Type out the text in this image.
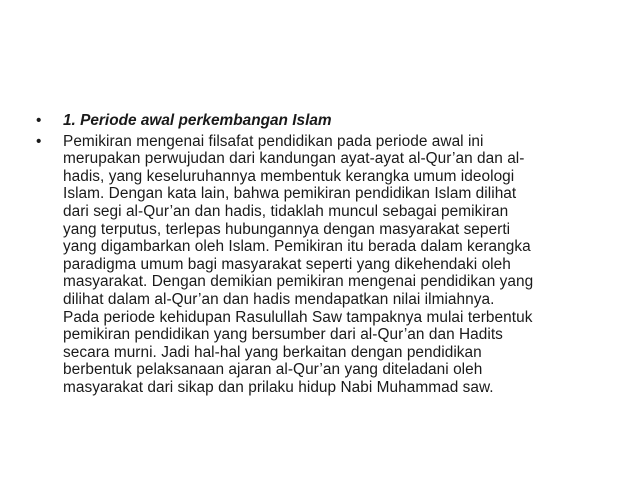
•	1. Periode awal perkembangan Islam
•	Pemikiran mengenai filsafat pendidikan pada periode awal ini
merupakan perwujudan dari kandungan ayat-ayat al-Qur’an dan al-
hadis, yang keseluruhannya membentuk kerangka umum ideologi
Islam. Dengan kata lain, bahwa pemikiran pendidikan Islam dilihat
dari segi al-Qur’an dan hadis, tidaklah muncul sebagai pemikiran
yang terputus, terlepas hubungannya dengan masyarakat seperti
yang digambarkan oleh Islam. Pemikiran itu berada dalam kerangka
paradigma umum bagi masyarakat seperti yang dikehendaki oleh
masyarakat. Dengan demikian pemikiran mengenai pendidikan yang
dilihat dalam al-Qur’an dan hadis mendapatkan nilai ilmiahnya.
Pada periode kehidupan Rasulullah Saw tampaknya mulai terbentuk
pemikiran pendidikan yang bersumber dari al-Qur’an dan Hadits
secara murni. Jadi hal-hal yang berkaitan dengan pendidikan
berbentuk pelaksanaan ajaran al-Qur’an yang diteladani oleh
masyarakat dari sikap dan prilaku hidup Nabi Muhammad saw.
